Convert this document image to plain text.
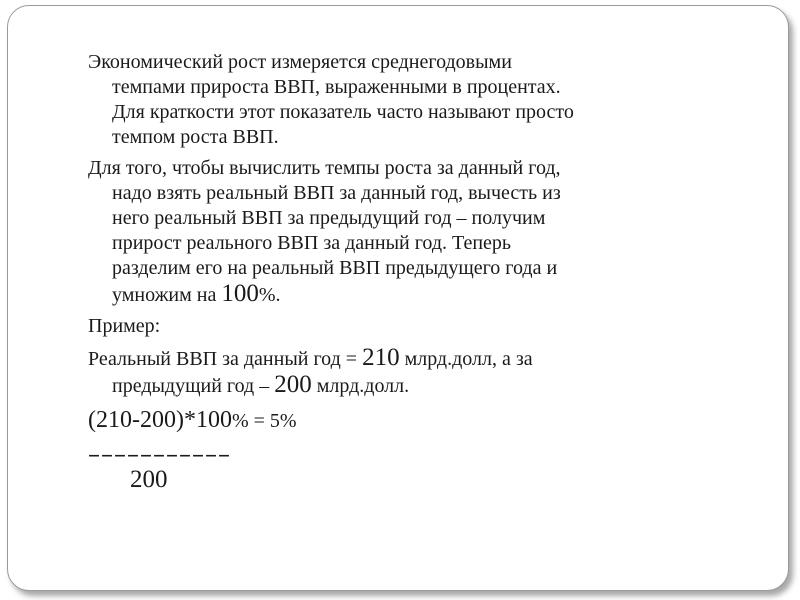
Экономический рост измеряется среднегодовыми
темпами прироста ВВП, выраженными в процентах.
Для краткости этот показатель часто называют просто
темпом роста ВВП.
Для того, чтобы вычислить темпы роста за данный год,
надо взять реальный ВВП за данный год, вычесть из
него реальный ВВП за предыдущий год – получим
прирост реального ВВП за данный год. Теперь
разделим его на реальный ВВП предыдущего года и
умножим на 100%.
Пример:
Реальный ВВП за данный год = 210 млрд.долл, а за
предыдущий год – 200 млрд.долл.
(210-200)*100% = 5%
–––––––––––
200
